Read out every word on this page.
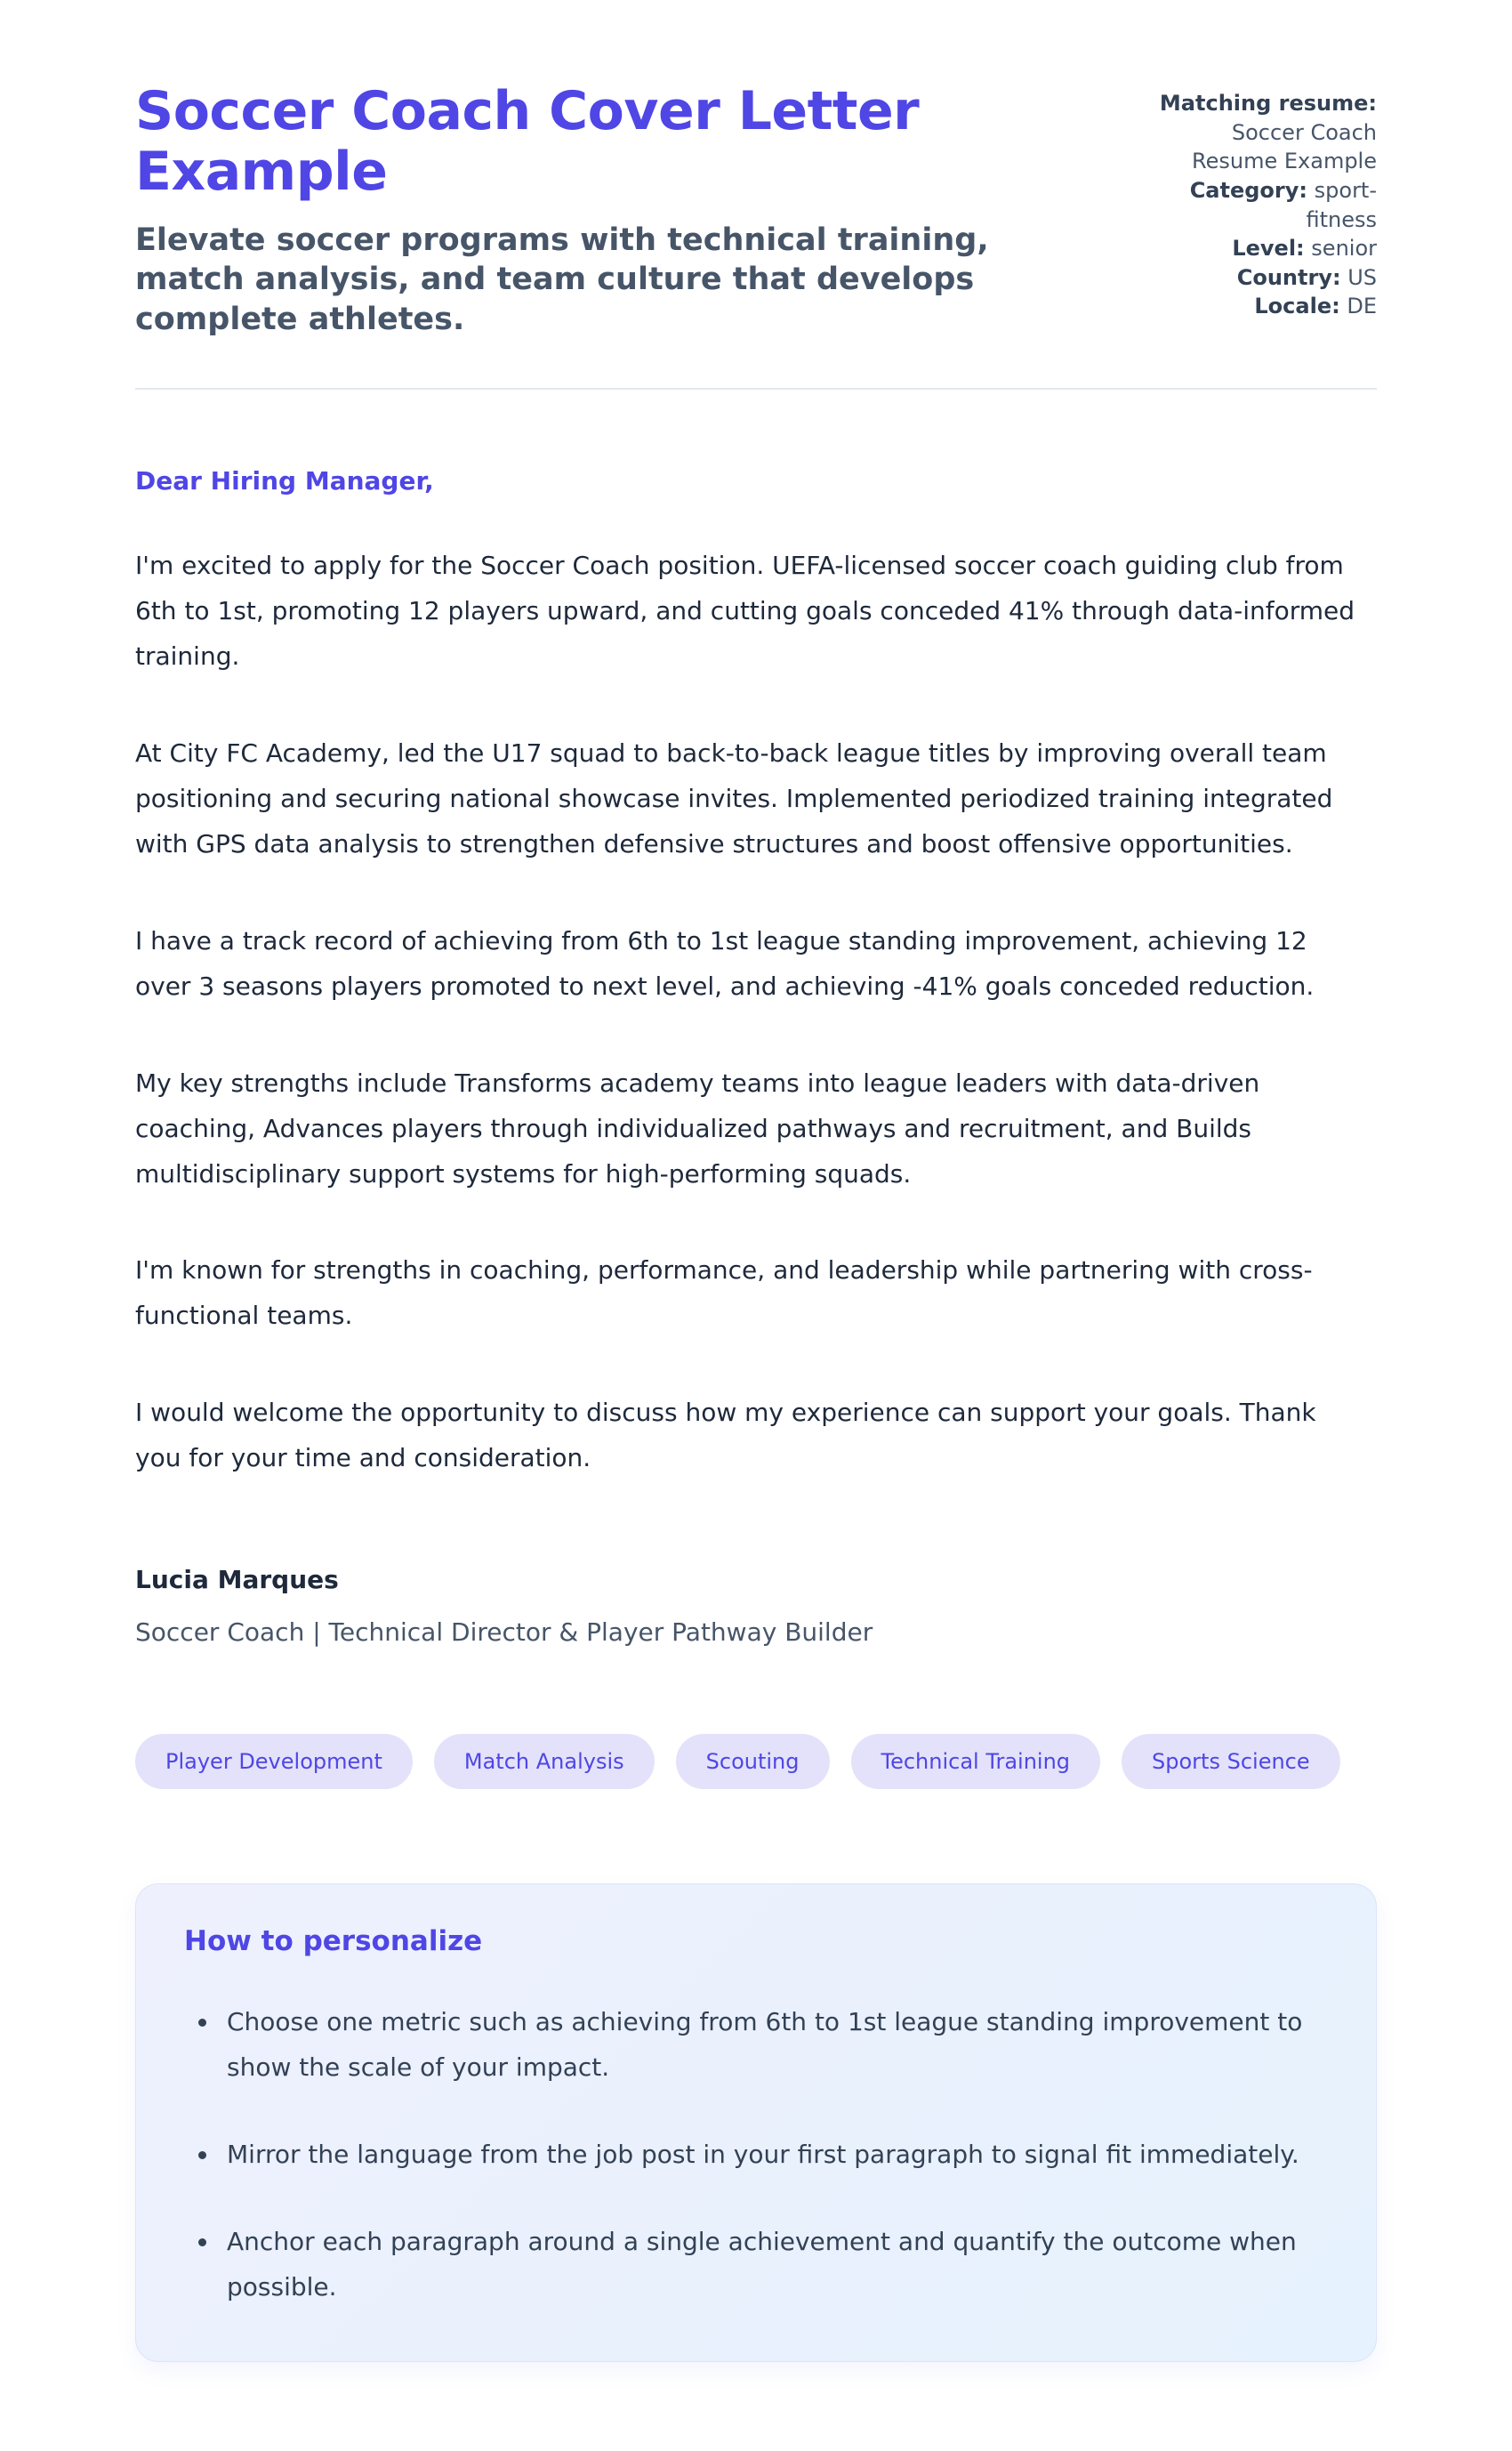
Soccer Coach Cover Letter Example

Elevate soccer programs with technical training, match analysis, and team culture that develops complete athletes.

Matching resume: Soccer Coach Resume Example

Category: sport-fitness

Level: senior

Country: US

Locale: DE

Dear Hiring Manager,

I'm excited to apply for the Soccer Coach position. UEFA-licensed soccer coach guiding club from 6th to 1st, promoting 12 players upward, and cutting goals conceded 41% through data-informed training.

At City FC Academy, led the U17 squad to back-to-back league titles by improving overall team positioning and securing national showcase invites. Implemented periodized training integrated with GPS data analysis to strengthen defensive structures and boost offensive opportunities.

I have a track record of achieving from 6th to 1st league standing improvement, achieving 12 over 3 seasons players promoted to next level, and achieving -41% goals conceded reduction.

My key strengths include Transforms academy teams into league leaders with data-driven coaching, Advances players through individualized pathways and recruitment, and Builds multidisciplinary support systems for high-performing squads.

I'm known for strengths in coaching, performance, and leadership while partnering with cross-functional teams.

I would welcome the opportunity to discuss how my experience can support your goals. Thank you for your time and consideration.

Lucia Marques

Soccer Coach | Technical Director & Player Pathway Builder

Player Development	Match Analysis	Scouting	Technical Training	Sports Science
How to personalize
Choose one metric such as achieving from 6th to 1st league standing improvement to show the scale of your impact.
Mirror the language from the job post in your first paragraph to signal fit immediately.
Anchor each paragraph around a single achievement and quantify the outcome when possible.
